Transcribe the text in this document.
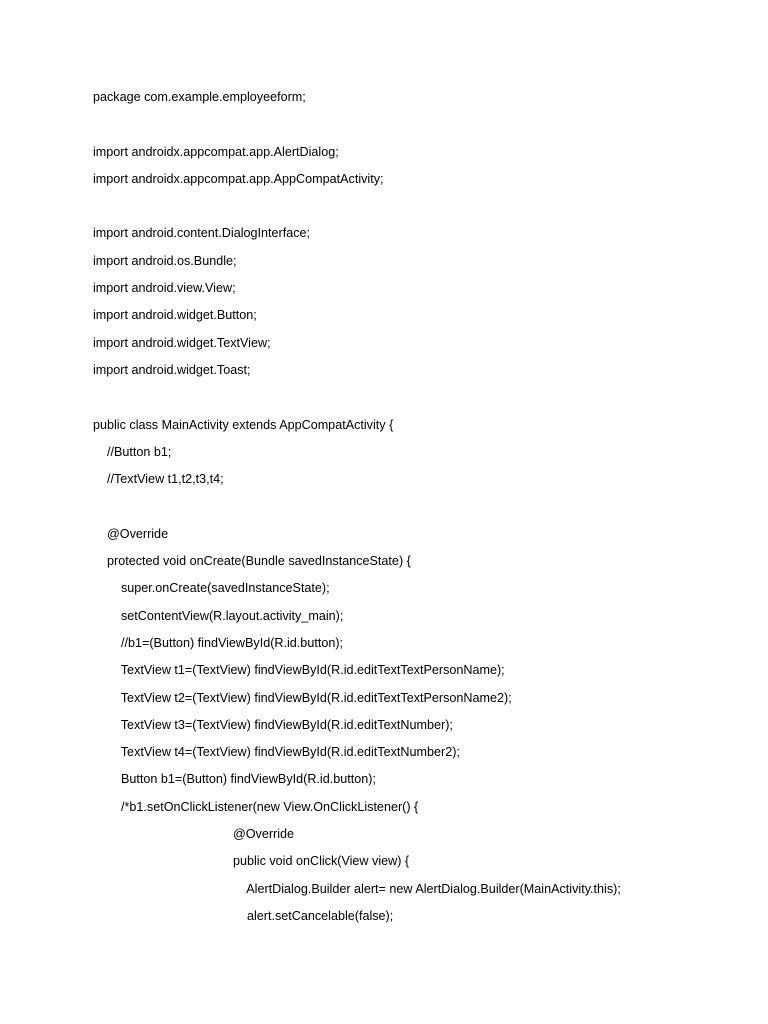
package com.example.employeeform;
import androidx.appcompat.app.AlertDialog;
import androidx.appcompat.app.AppCompatActivity;
import android.content.DialogInterface;
import android.os.Bundle;
import android.view.View;
import android.widget.Button;
import android.widget.TextView;
import android.widget.Toast;
public class MainActivity extends AppCompatActivity {
//Button b1;
//TextView t1,t2,t3,t4;
@Override
protected void onCreate(Bundle savedInstanceState) {
super.onCreate(savedInstanceState);
setContentView(R.layout.activity_main);
//b1=(Button) findViewById(R.id.button);
TextView t1=(TextView) findViewById(R.id.editTextTextPersonName);
TextView t2=(TextView) findViewById(R.id.editTextTextPersonName2);
TextView t3=(TextView) findViewById(R.id.editTextNumber);
TextView t4=(TextView) findViewById(R.id.editTextNumber2);
Button b1=(Button) findViewById(R.id.button);
/*b1.setOnClickListener(new View.OnClickListener() {
@Override
public void onClick(View view) {
AlertDialog.Builder alert= new AlertDialog.Builder(MainActivity.this);
alert.setCancelable(false);
